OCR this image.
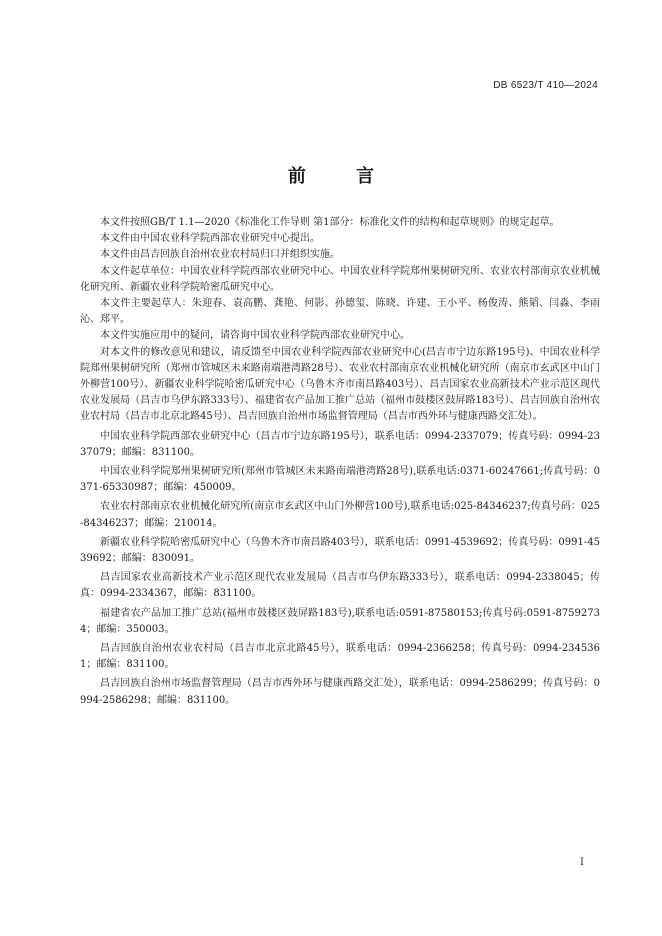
DB 6523/T 410—2024
前 言

本文件按照GB/T 1.1—2020《标准化工作导则 第1部分：标准化文件的结构和起草规则》的规定起草。

本文件由中国农业科学院西部农业研究中心提出。

本文件由昌吉回族自治州农业农村局归口并组织实施。

本文件起草单位：中国农业科学院西部农业研究中心、中国农业科学院郑州果树研究所、农业农村部南京农业机械化研究所、新疆农业科学院哈密瓜研究中心。

本文件主要起草人：朱迎春、袁高鹏、龚艳、何影、孙德玺、陈晓、许建、王小平、杨俊涛、熊韬、闫淼、李雨沁、郑平。

本文件实施应用中的疑问，请咨询中国农业科学院西部农业研究中心。

对本文件的修改意见和建议，请反馈至中国农业科学院西部农业研究中心(昌吉市宁边东路195号)、中国农业科学院郑州果树研究所（郑州市管城区未来路南端港湾路28号）、农业农村部南京农业机械化研究所（南京市玄武区中山门外柳营100号）、新疆农业科学院哈密瓜研究中心（乌鲁木齐市南昌路403号）、昌吉国家农业高新技术产业示范区现代农业发展局（昌吉市乌伊东路333号）、福建省农产品加工推广总站（福州市鼓楼区鼓屏路183号）、昌吉回族自治州农业农村局（昌吉市北京北路45号）、昌吉回族自治州市场监督管理局（昌吉市西外环与健康西路交汇处）。

中国农业科学院西部农业研究中心（昌吉市宁边东路195号），联系电话：0994-2337079；传真号码：0994-2337079；邮编：831100。

中国农业科学院郑州果树研究所(郑州市管城区未来路南端港湾路28号),联系电话:0371-60247661;传真号码：0371-65330987；邮编：450009。

农业农村部南京农业机械化研究所(南京市玄武区中山门外柳营100号),联系电话:025-84346237;传真号码：025-84346237；邮编：210014。

新疆农业科学院哈密瓜研究中心（乌鲁木齐市南昌路403号），联系电话：0991-4539692；传真号码：0991-4539692；邮编：830091。

昌吉国家农业高新技术产业示范区现代农业发展局（昌吉市乌伊东路333号），联系电话：0994-2338045；传真：0994-2334367，邮编：831100。

福建省农产品加工推广总站(福州市鼓楼区鼓屏路183号),联系电话:0591-87580153;传真号码:0591-87592734；邮编：350003。

昌吉回族自治州农业农村局（昌吉市北京北路45号），联系电话：0994-2366258；传真号码：0994-2345361；邮编：831100。

昌吉回族自治州市场监督管理局（昌吉市西外环与健康西路交汇处），联系电话：0994-2586299；传真号码：0994-2586298；邮编：831100。

I
